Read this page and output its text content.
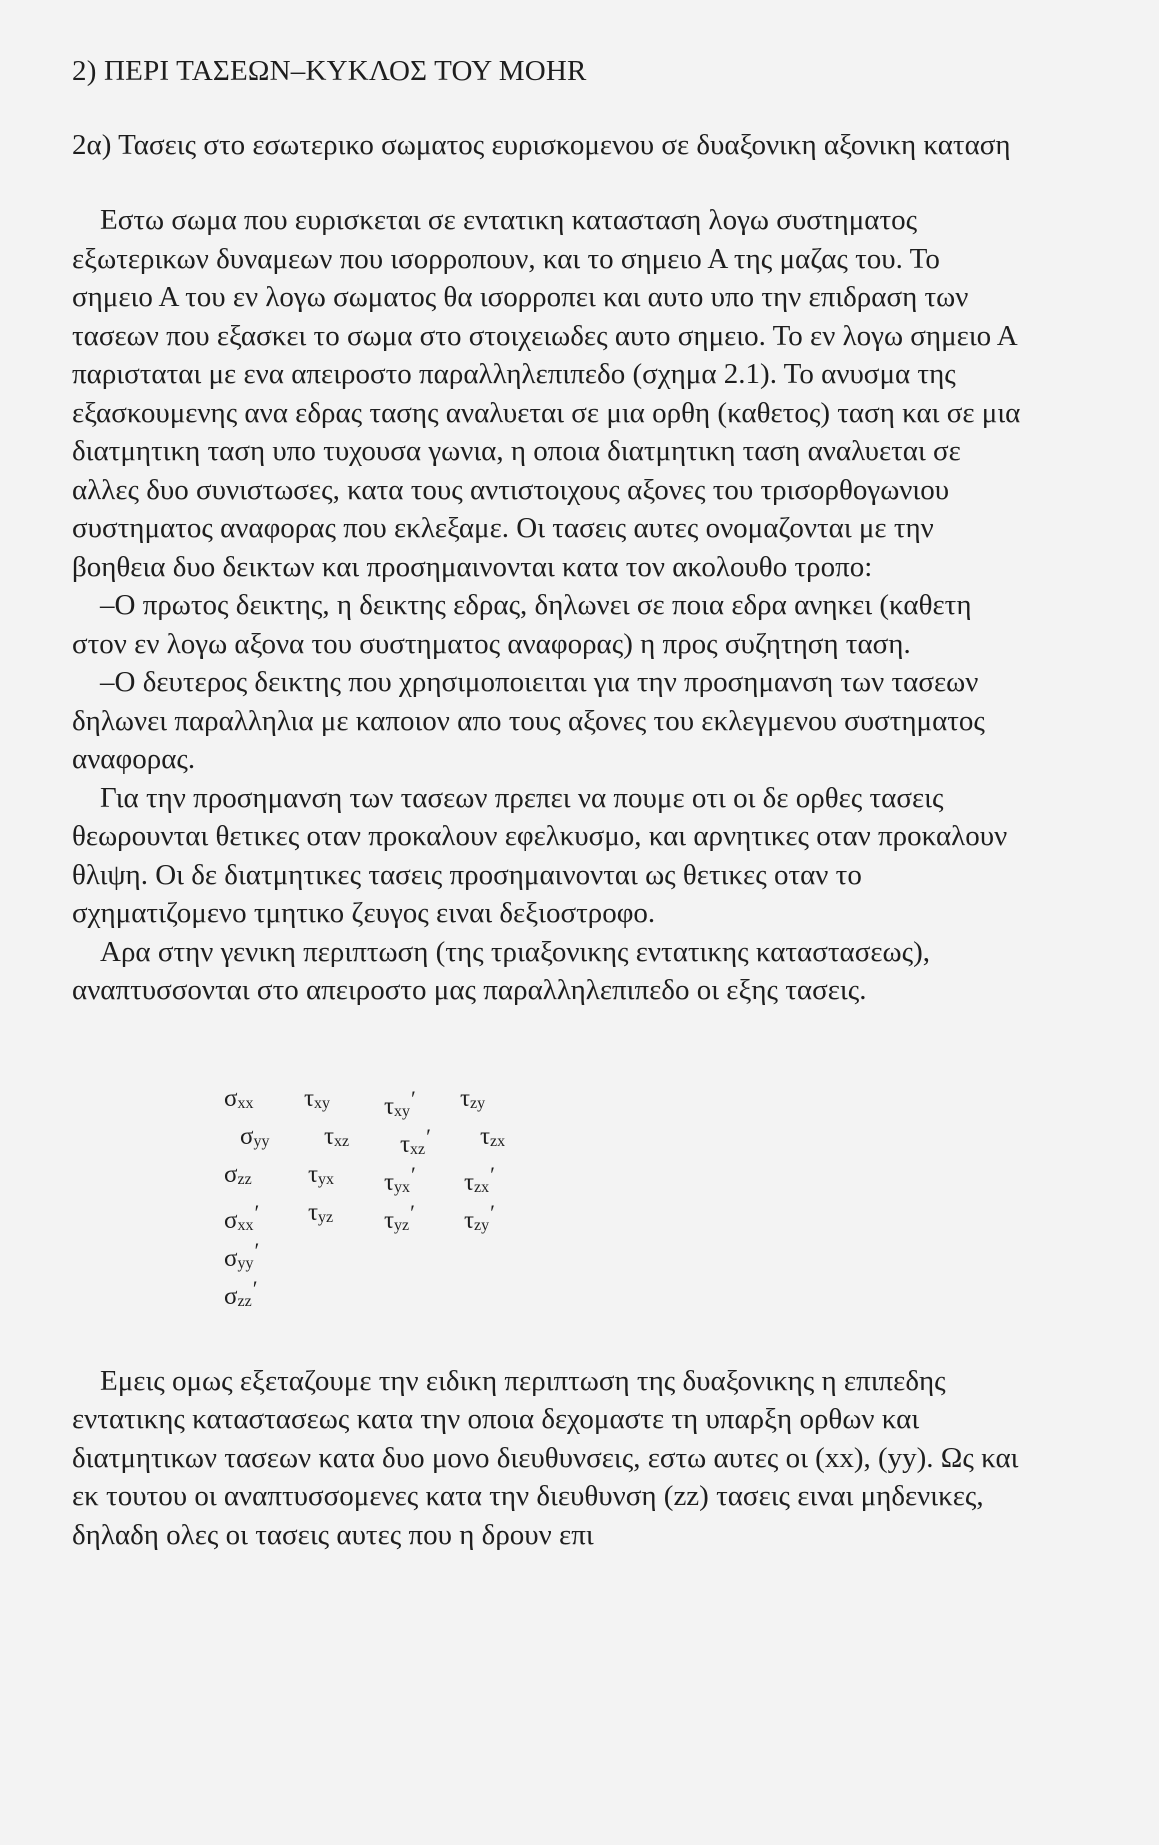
2) ΠΕΡΙ ΤΑΣΕΩΝ–ΚΥΚΛΟΣ ΤΟΥ MOHR
2α) Τασεις στο εσωτερικο σωματος ευρισκομενου σε δυαξονικη αξονικη καταση

Εστω σωμα που ευρισκεται σε εντατικη κατασταση λογω συστηματος εξωτερικων δυναμεων που ισορροπουν, και το σημειο Α της μαζας του. Το σημειο Α του εν λογω σωματος θα ισορροπει και αυτο υπο την επιδραση των τασεων που εξασκει το σωμα στο στοιχειωδες αυτο σημειο. Το εν λογω σημειο Α παρισταται με ενα απειροστο παραλληλεπιπεδο (σχημα 2.1). Το ανυσμα της εξασκουμενης ανα εδρας τασης αναλυεται σε μια ορθη (καθετος) ταση και σε μια διατμητικη ταση υπο τυχουσα γωνια, η οποια διατμητικη ταση αναλυεται σε αλλες δυο συνιστωσες, κατα τους αντιστοιχους αξονες του τρισορθογωνιου συστηματος αναφορας που εκλεξαμε. Οι τασεις αυτες ονομαζονται με την βοηθεια δυο δεικτων και προσημαινονται κατα τον ακολουθο τροπο:

–Ο πρωτος δεικτης, η δεικτης εδρας, δηλωνει σε ποια εδρα ανηκει (καθετη στον εν λογω αξονα του συστηματος αναφορας) η προς συζητηση ταση.

–Ο δευτερος δεικτης που χρησιμοποιειται για την προσημανση των τασεων δηλωνει παραλληλια με καποιον απο τους αξονες του εκλεγμενου συστηματος αναφορας.

Για την προσημανση των τασεων πρεπει να πουμε οτι οι δε ορθες τασεις θεωρουνται θετικες οταν προκαλουν εφελκυσμο, και αρνητικες οταν προκαλουν θλιψη. Οι δε διατμητικες τασεις προσημαινονται ως θετικες οταν το σχηματιζομενο τμητικο ζευγος ειναι δεξιοστροφο.

Αρα στην γενικη περιπτωση (της τριαξονικης εντατικης καταστασεως), αναπτυσσονται στο απειροστο μας παραλληλεπιπεδο οι εξης τασεις.

σxx τxy τxy′ τzy
σyy τxz τxz′ τzx
σzz τyx τyx′ τzx′
σxx′ τyz τyz′ τzy′
σyy′
σzz′

Εμεις ομως εξεταζουμε την ειδικη περιπτωση της δυαξονικης η επιπεδης εντατικης καταστασεως κατα την οποια δεχομαστε τη υπαρξη ορθων και διατμητικων τασεων κατα δυο μονο διευθυνσεις, εστω αυτες οι (xx), (yy). Ως και εκ τουτου οι αναπτυσσομενες κατα την διευθυνση (zz) τασεις ειναι μηδενικες, δηλαδη ολες οι τασεις αυτες που η δρουν επι
